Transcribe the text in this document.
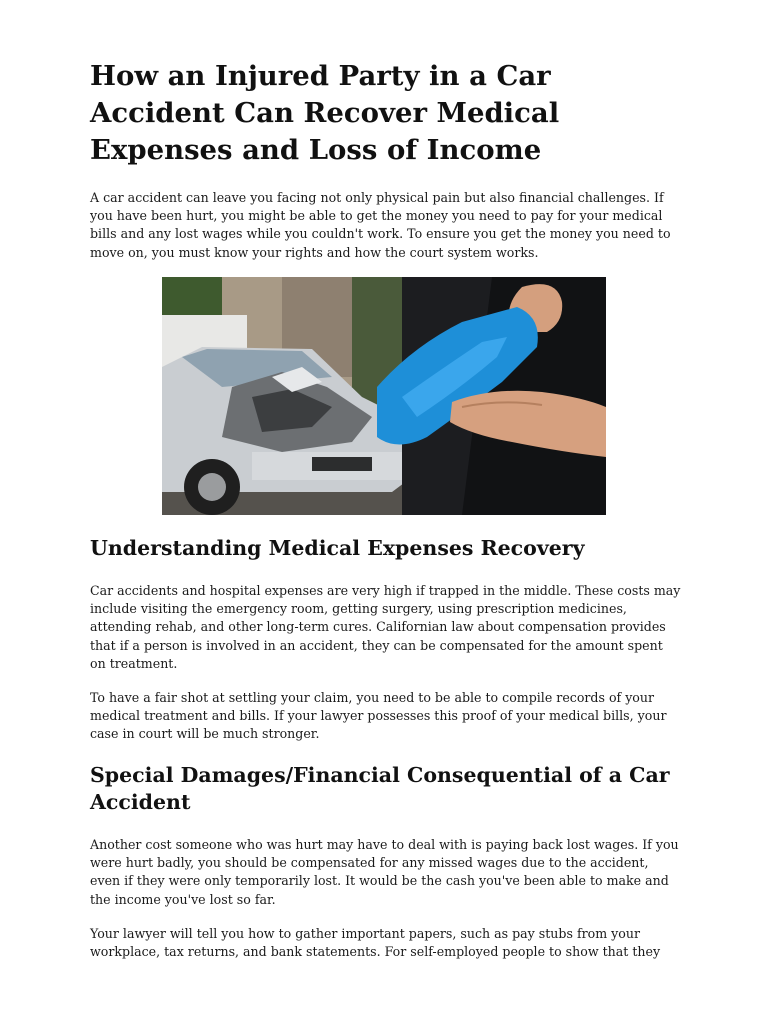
How an Injured Party in a Car Accident Can Recover Medical Expenses and Loss of Income

A car accident can leave you facing not only physical pain but also financial challenges. If you have been hurt, you might be able to get the money you need to pay for your medical bills and any lost wages while you couldn't work. To ensure you get the money you need to move on, you must know your rights and how the court system works.

Understanding Medical Expenses Recovery

Car accidents and hospital expenses are very high if trapped in the middle. These costs may include visiting the emergency room, getting surgery, using prescription medicines, attending rehab, and other long-term cures. Californian law about compensation provides that if a person is involved in an accident, they can be compensated for the amount spent on treatment.

To have a fair shot at settling your claim, you need to be able to compile records of your medical treatment and bills. If your lawyer possesses this proof of your medical bills, your case in court will be much stronger.

Special Damages/Financial Consequential of a Car Accident

Another cost someone who was hurt may have to deal with is paying back lost wages. If you were hurt badly, you should be compensated for any missed wages due to the accident, even if they were only temporarily lost. It would be the cash you've been able to make and the income you've lost so far.

Your lawyer will tell you how to gather important papers, such as pay stubs from your workplace, tax returns, and bank statements. For self-employed people to show that they
